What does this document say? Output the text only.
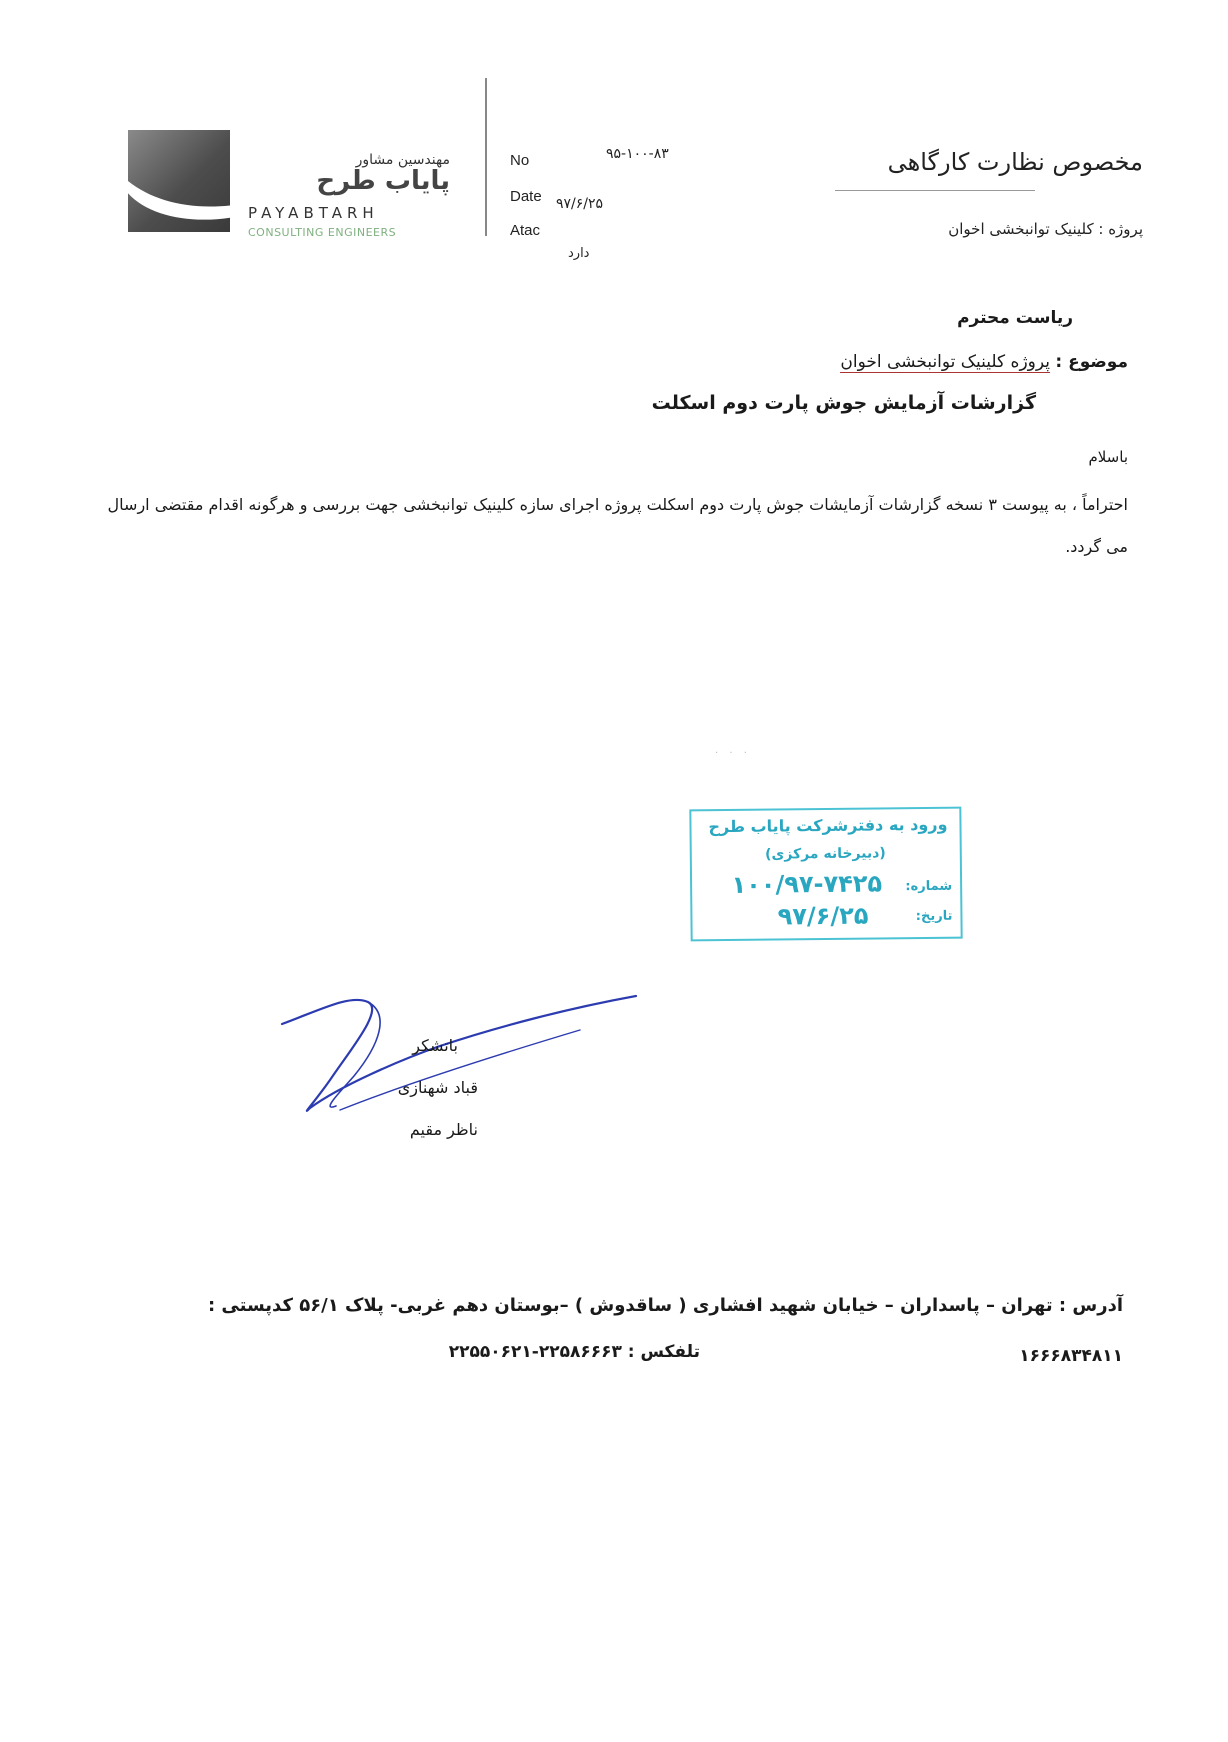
مهندسین مشاور
پایاب طرح
PAYABTARH
CONSULTING ENGINEERS
No	۹۵-۱۰۰-۸۳
Date ۹۷/۶/۲۵
Atac
دارد
مخصوص نظارت کارگاهی
پروژه : کلینیک توانبخشی اخوان
ریاست محترم
موضوع : پروژه کلینیک توانبخشی اخوان
گزارشات آزمایش جوش پارت دوم اسکلت
باسلام
احتراماً ، به پیوست ۳ نسخه گزارشات آزمایشات جوش پارت دوم اسکلت پروژه اجرای سازه کلینیک توانبخشی جهت بررسی و هرگونه اقدام مقتضی ارسال می گردد.
· · ·
ورود به دفترشرکت پایاب طرح
(دبیرخانه مرکزی)
شماره:
۱۰۰/۹۷-۷۴۲۵
تاریخ:
۹۷/۶/۲۵
باتشکر
قباد شهنازی
ناظر مقیم
آدرس : تهران – پاسداران – خیابان شهید افشاری ( ساقدوش ) –بوستان دهم غربی- پلاک ۵۶/۱ کدپستی :
تلفکس : ۲۲۵۸۶۶۶۳-۲۲۵۵۰۶۲۱	۱۶۶۶۸۳۴۸۱۱
